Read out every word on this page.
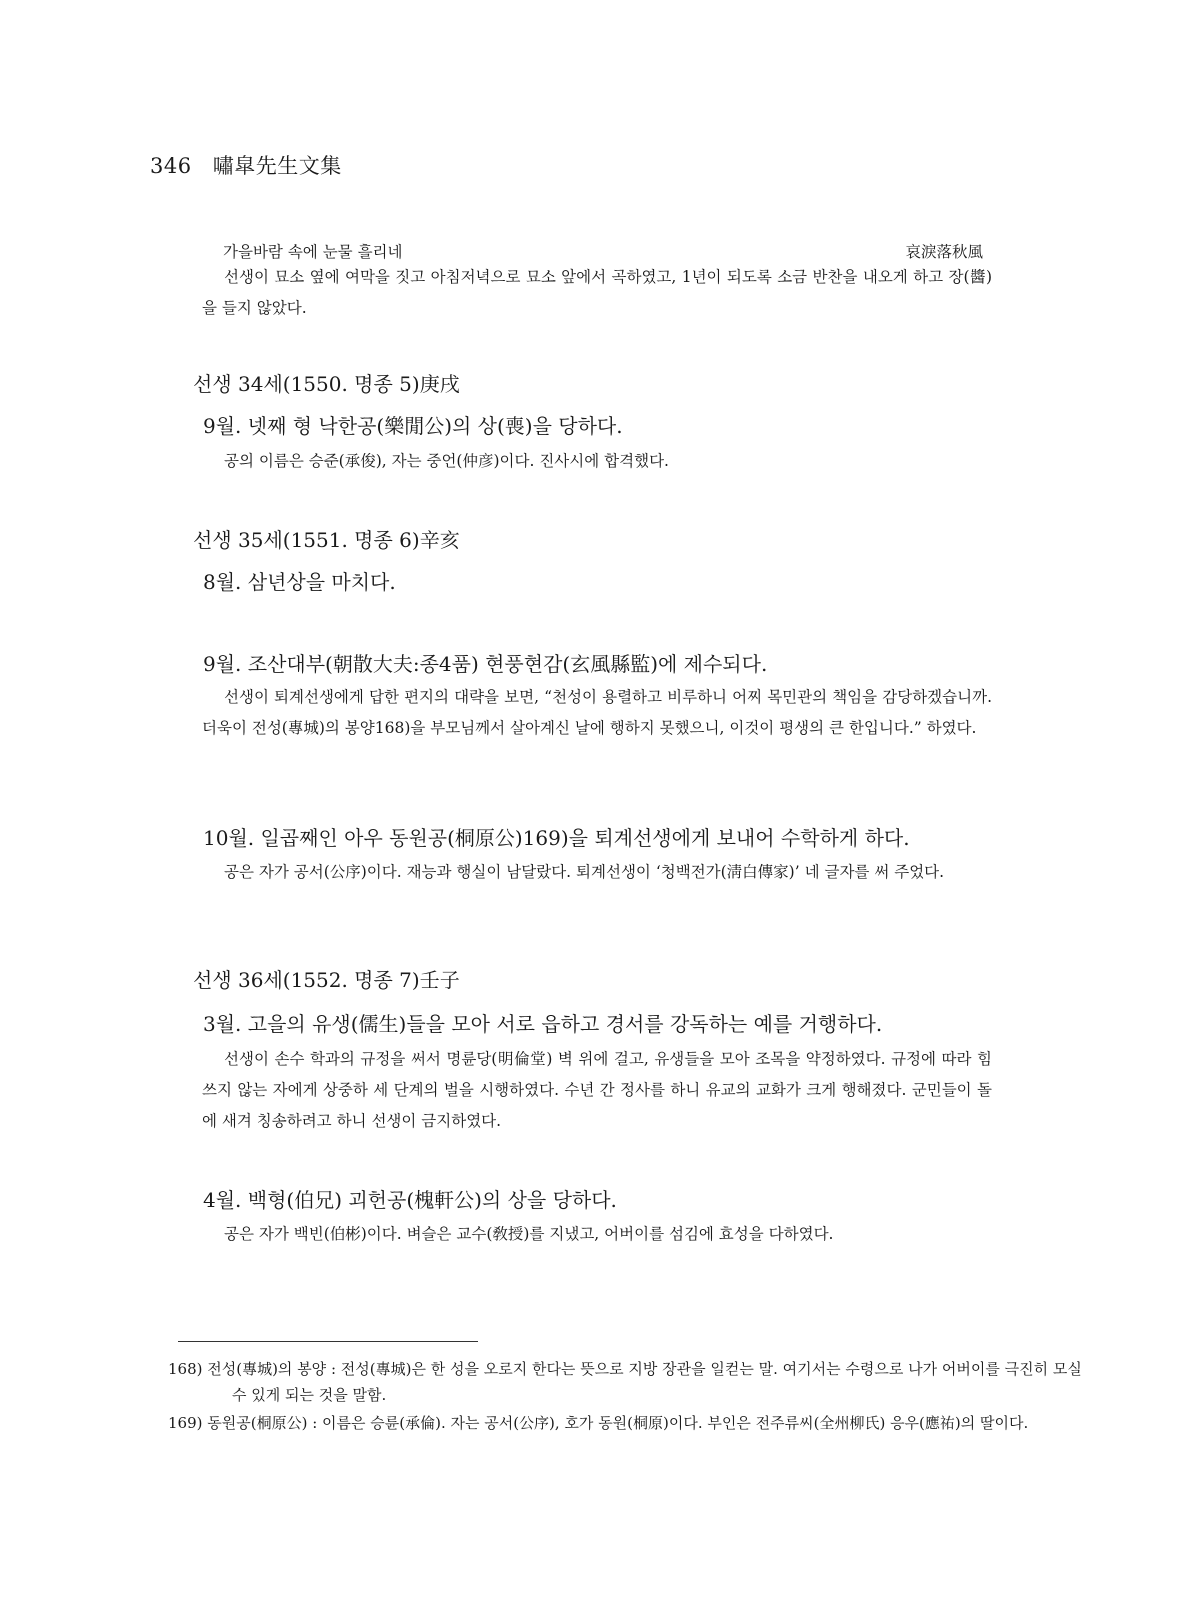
346 嘯皐先生文集
가을바람 속에 눈물 흘리네	哀淚落秋風
선생이 묘소 옆에 여막을 짓고 아침저녁으로 묘소 앞에서 곡하였고, 1년이 되도록 소금 반찬을 내오게 하고 장(醬)을 들지 않았다.
선생 34세(1550. 명종 5)庚戌
9월. 넷째 형 낙한공(樂閒公)의 상(喪)을 당하다.
공의 이름은 승준(承俊), 자는 중언(仲彦)이다. 진사시에 합격했다.
선생 35세(1551. 명종 6)辛亥
8월. 삼년상을 마치다.
9월. 조산대부(朝散大夫:종4품) 현풍현감(玄風縣監)에 제수되다.
선생이 퇴계선생에게 답한 편지의 대략을 보면, “천성이 용렬하고 비루하니 어찌 목민관의 책임을 감당하겠습니까. 더욱이 전성(專城)의 봉양168)을 부모님께서 살아계신 날에 행하지 못했으니, 이것이 평생의 큰 한입니다.” 하였다.
10월. 일곱째인 아우 동원공(桐原公)169)을 퇴계선생에게 보내어 수학하게 하다.
공은 자가 공서(公序)이다. 재능과 행실이 남달랐다. 퇴계선생이 ‘청백전가(淸白傳家)’ 네 글자를 써 주었다.
선생 36세(1552. 명종 7)壬子
3월. 고을의 유생(儒生)들을 모아 서로 읍하고 경서를 강독하는 예를 거행하다.
선생이 손수 학과의 규정을 써서 명륜당(明倫堂) 벽 위에 걸고, 유생들을 모아 조목을 약정하였다. 규정에 따라 힘쓰지 않는 자에게 상중하 세 단계의 벌을 시행하였다. 수년 간 정사를 하니 유교의 교화가 크게 행해졌다. 군민들이 돌에 새겨 칭송하려고 하니 선생이 금지하였다.
4월. 백형(伯兄) 괴헌공(槐軒公)의 상을 당하다.
공은 자가 백빈(伯彬)이다. 벼슬은 교수(敎授)를 지냈고, 어버이를 섬김에 효성을 다하였다.
168) 전성(專城)의 봉양 : 전성(專城)은 한 성을 오로지 한다는 뜻으로 지방 장관을 일컫는 말. 여기서는 수령으로 나가 어버이를 극진히 모실 수 있게 되는 것을 말함.
169) 동원공(桐原公) : 이름은 승륜(承倫). 자는 공서(公序), 호가 동원(桐原)이다. 부인은 전주류씨(全州柳氏) 응우(應祐)의 딸이다.
